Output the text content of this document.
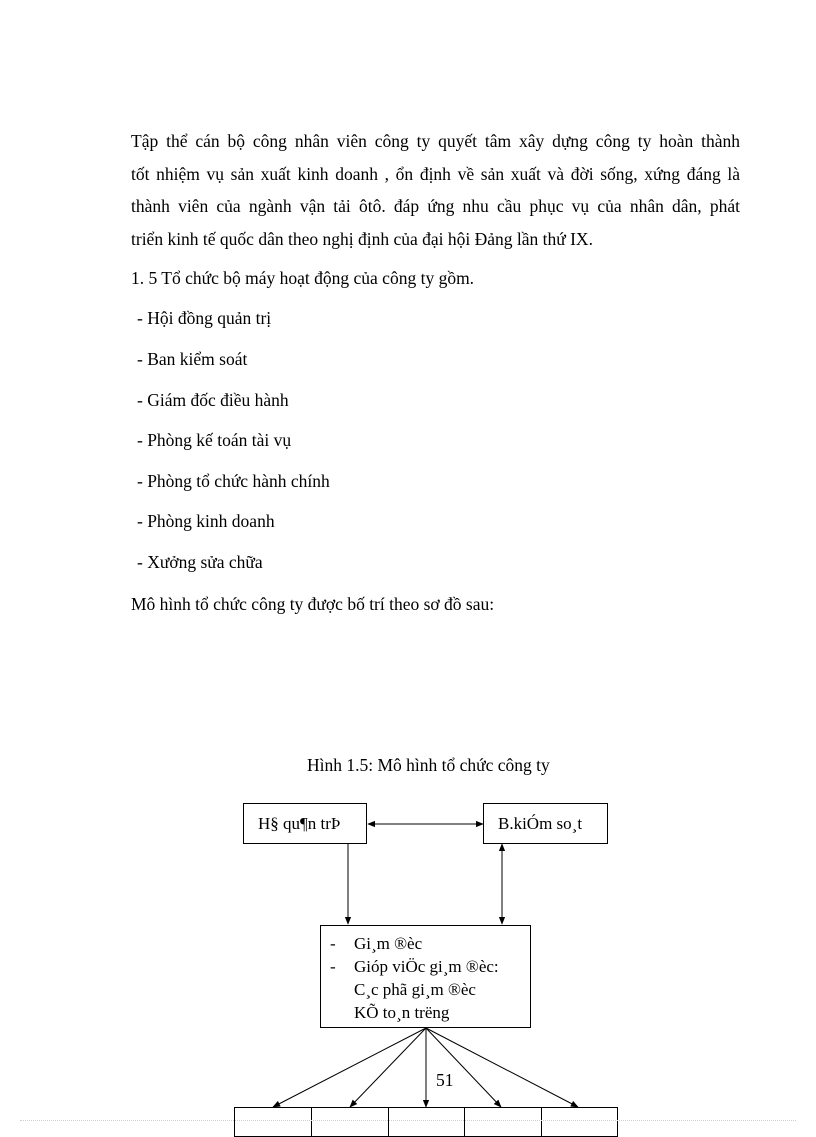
Tập thể cán bộ công nhân viên công ty quyết tâm xây dựng công ty hoàn thành
tốt nhiệm vụ sản xuất kinh doanh , ổn định về sản xuất và đời sống, xứng đáng là
thành viên của ngành vận tải ôtô. đáp ứng nhu cầu phục vụ của nhân dân, phát
triển kinh tế quốc dân theo nghị định của đại hội Đảng lần thứ IX.
1. 5 Tổ chức bộ máy hoạt động của công ty gồm.
- Hội đồng quản trị
- Ban kiểm soát
- Giám đốc điều hành
- Phòng kế toán tài vụ
- Phòng tổ chức hành chính
- Phòng kinh doanh
- Xưởng sửa chữa
Mô hình tổ chức công ty được bố trí theo sơ đồ sau:
Hình 1.5: Mô hình tổ chức công ty
H§ qu¶n trÞ	B.kiÓm so¸t
-	Gi¸m ®èc
-	Gióp viÖc gi¸m ®èc:
C¸c phã gi¸m ®èc
KÕ to¸n trëng
51
